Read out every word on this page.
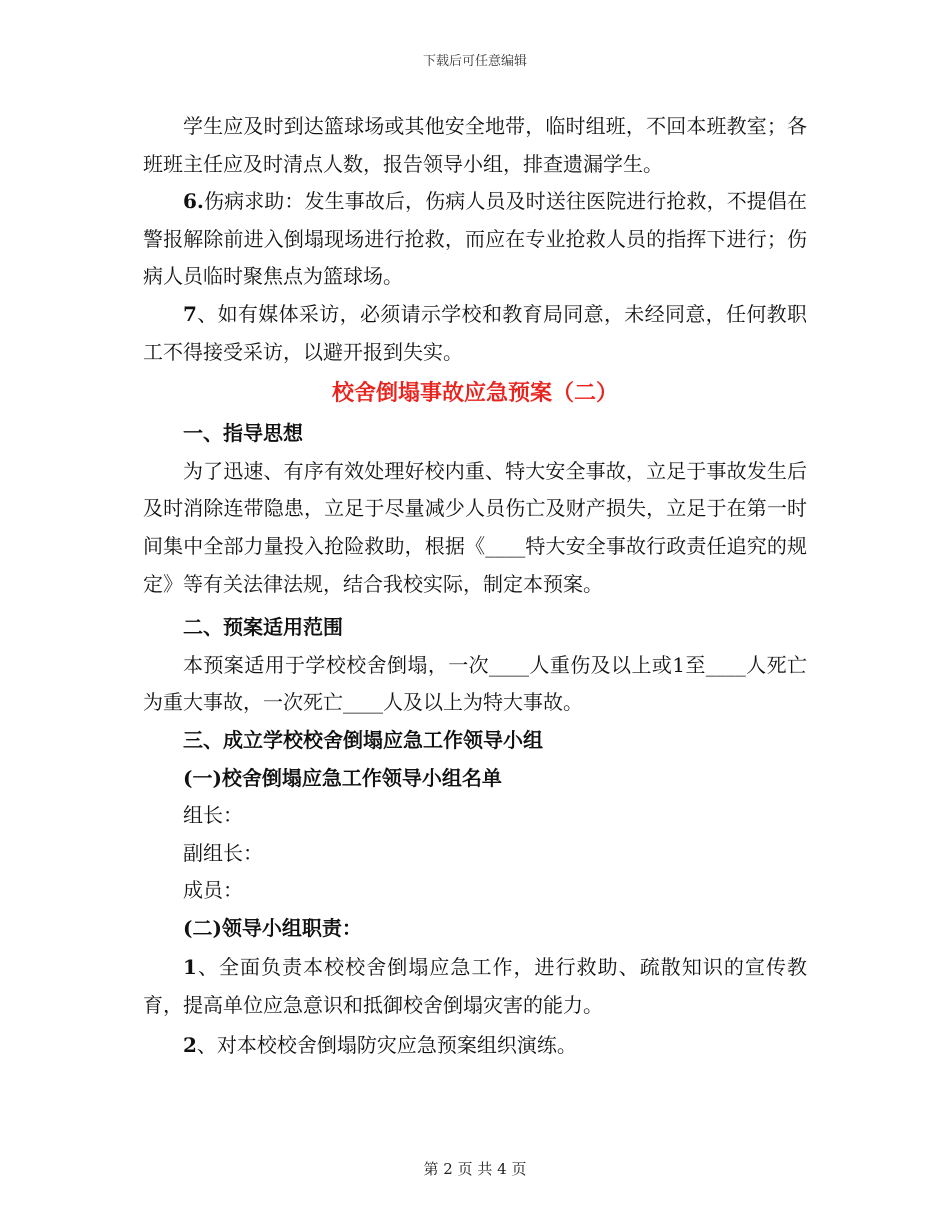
下载后可任意编辑

学生应及时到达篮球场或其他安全地带，临时组班，不回本班教室；各班班主任应及时清点人数，报告领导小组，排查遗漏学生。

6.伤病求助：发生事故后，伤病人员及时送往医院进行抢救，不提倡在警报解除前进入倒塌现场进行抢救，而应在专业抢救人员的指挥下进行；伤病人员临时聚焦点为篮球场。

7、如有媒体采访，必须请示学校和教育局同意，未经同意，任何教职工不得接受采访，以避开报到失实。

校舍倒塌事故应急预案（二）

一、指导思想

为了迅速、有序有效处理好校内重、特大安全事故，立足于事故发生后及时消除连带隐患，立足于尽量减少人员伤亡及财产损失，立足于在第一时间集中全部力量投入抢险救助，根据《____特大安全事故行政责任追究的规定》等有关法律法规，结合我校实际，制定本预案。

二、预案适用范围

本预案适用于学校校舍倒塌，一次____人重伤及以上或1至____人死亡为重大事故，一次死亡____人及以上为特大事故。

三、成立学校校舍倒塌应急工作领导小组

(一)校舍倒塌应急工作领导小组名单

组长：

副组长：

成员：

(二)领导小组职责：

1、全面负责本校校舍倒塌应急工作，进行救助、疏散知识的宣传教育，提高单位应急意识和抵御校舍倒塌灾害的能力。

2、对本校校舍倒塌防灾应急预案组织演练。

第 2 页 共 4 页
